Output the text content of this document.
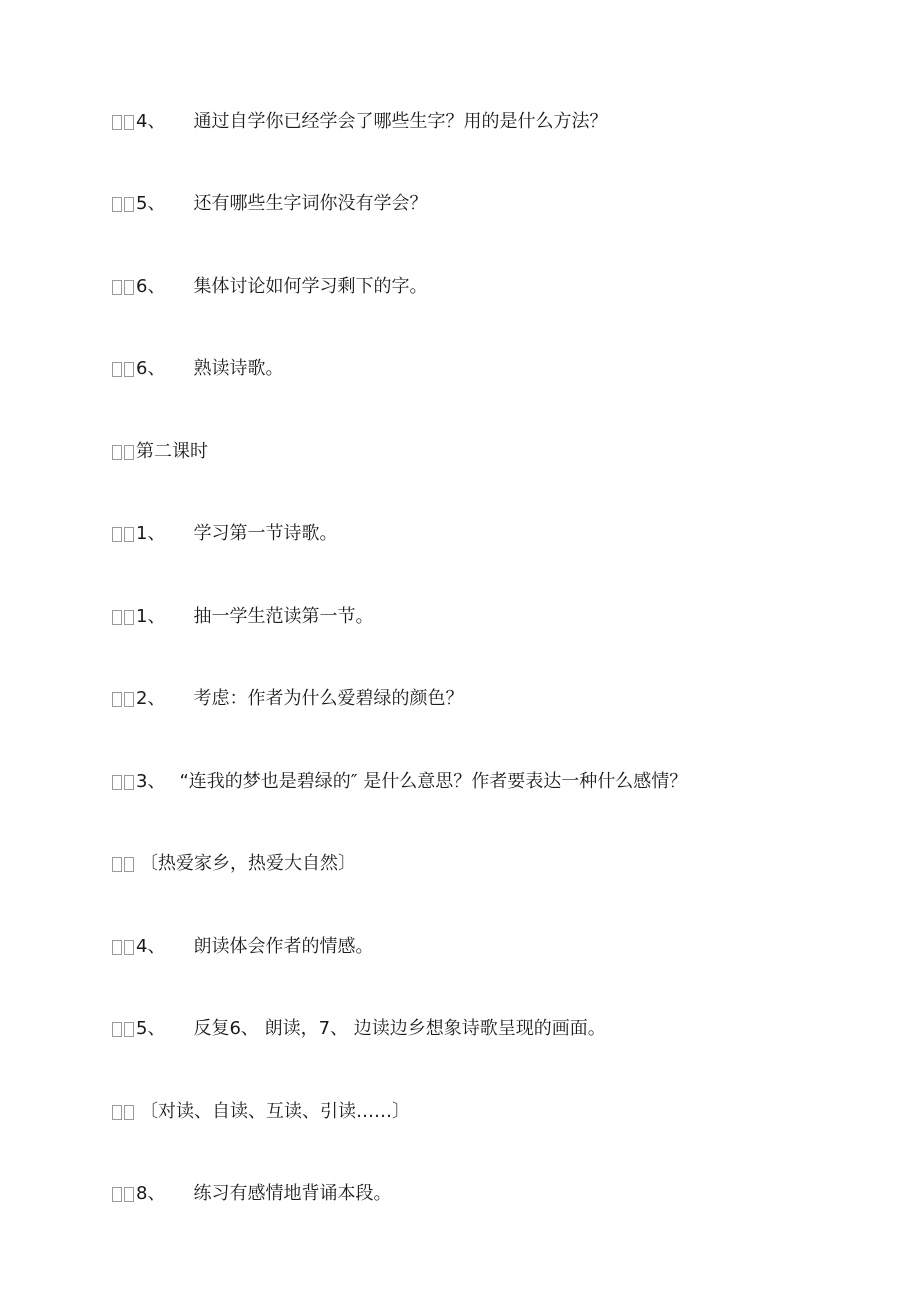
4、 通过自学你已经学会了哪些生字？用的是什么方法？
5、 还有哪些生字词你没有学会？
6、 集体讨论如何学习剩下的字。
6、 熟读诗歌。
第二课时
1、 学习第一节诗歌。
1、 抽一学生范读第一节。
2、 考虑：作者为什么爱碧绿的颜色？
3、 “连我的梦也是碧绿的″ 是什么意思？作者要表达一种什么感情？
〔热爱家乡，热爱大自然〕
4、 朗读体会作者的情感。
5、 反复6、 朗读，7、 边读边乡想象诗歌呈现的画面。
〔对读、自读、互读、引读……〕
8、 练习有感情地背诵本段。
